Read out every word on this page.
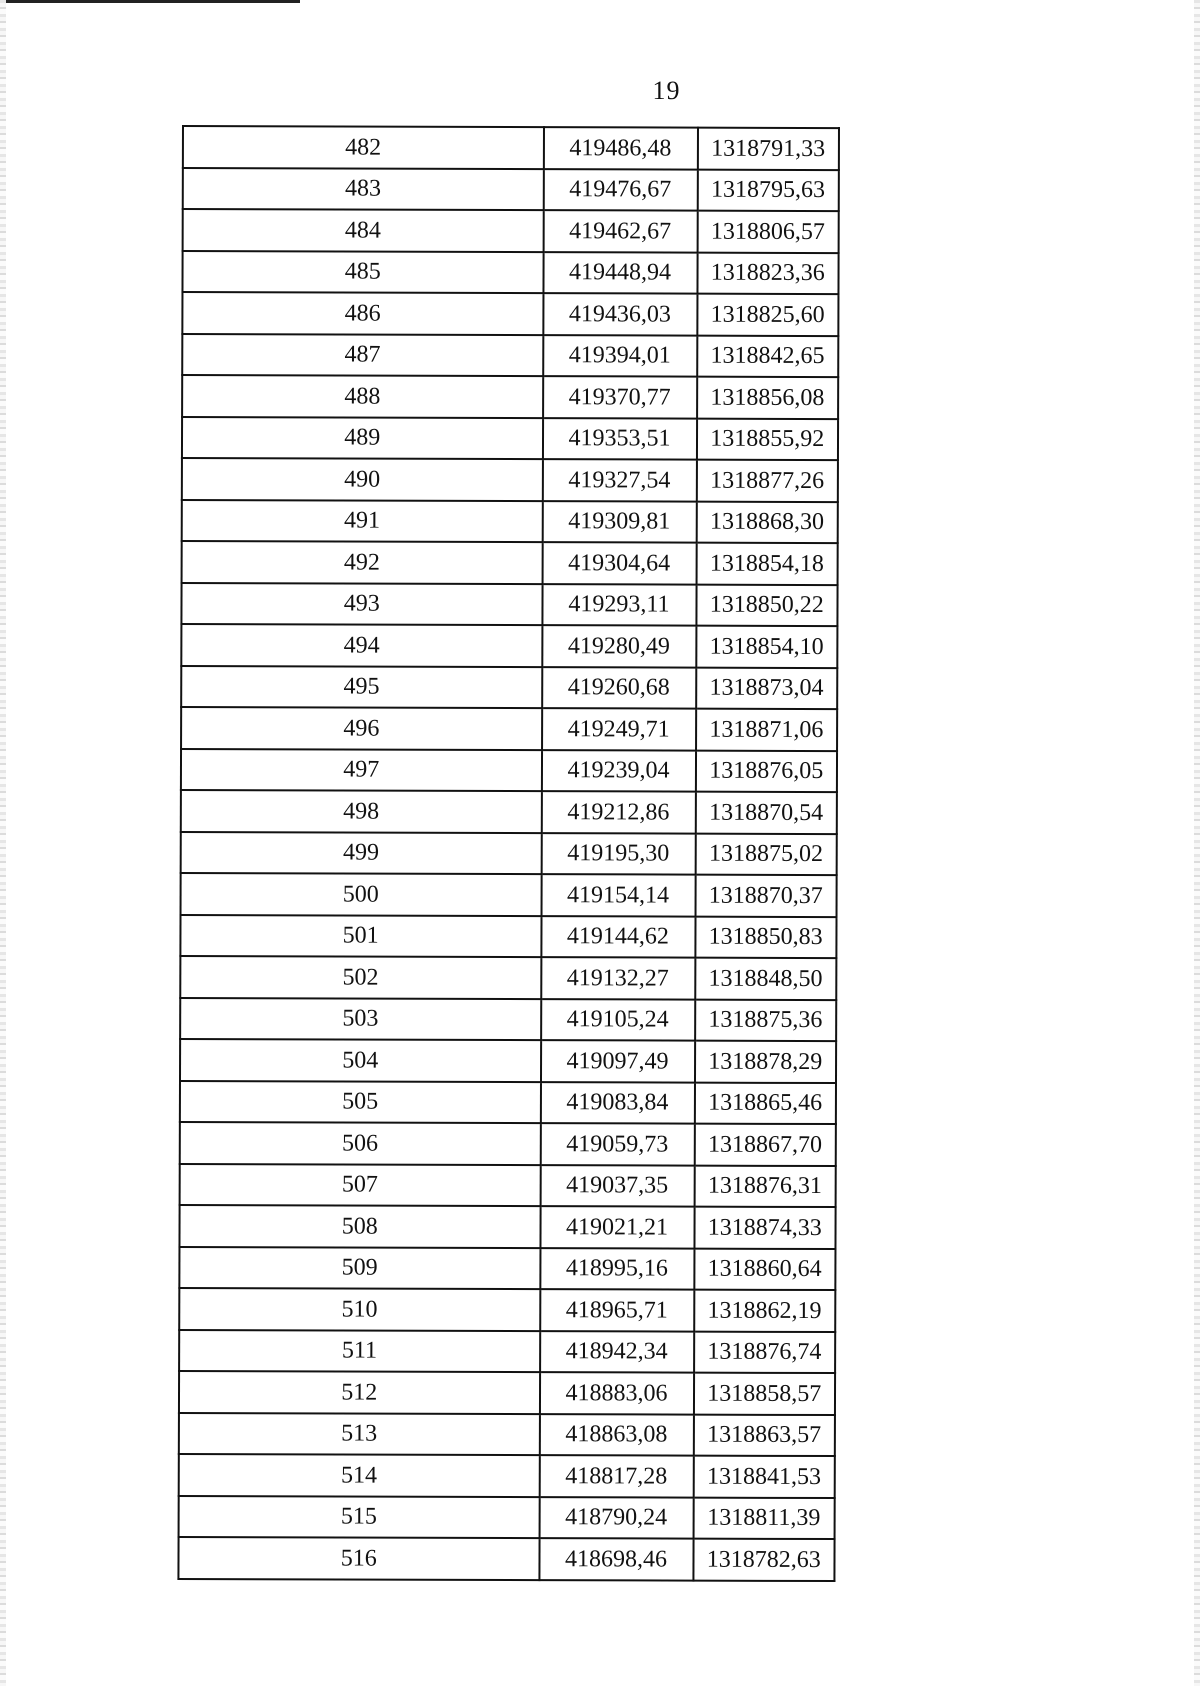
19
482	419486,48	1318791,33
483	419476,67	1318795,63
484	419462,67	1318806,57
485	419448,94	1318823,36
486	419436,03	1318825,60
487	419394,01	1318842,65
488	419370,77	1318856,08
489	419353,51	1318855,92
490	419327,54	1318877,26
491	419309,81	1318868,30
492	419304,64	1318854,18
493	419293,11	1318850,22
494	419280,49	1318854,10
495	419260,68	1318873,04
496	419249,71	1318871,06
497	419239,04	1318876,05
498	419212,86	1318870,54
499	419195,30	1318875,02
500	419154,14	1318870,37
501	419144,62	1318850,83
502	419132,27	1318848,50
503	419105,24	1318875,36
504	419097,49	1318878,29
505	419083,84	1318865,46
506	419059,73	1318867,70
507	419037,35	1318876,31
508	419021,21	1318874,33
509	418995,16	1318860,64
510	418965,71	1318862,19
511	418942,34	1318876,74
512	418883,06	1318858,57
513	418863,08	1318863,57
514	418817,28	1318841,53
515	418790,24	1318811,39
516	418698,46	1318782,63
